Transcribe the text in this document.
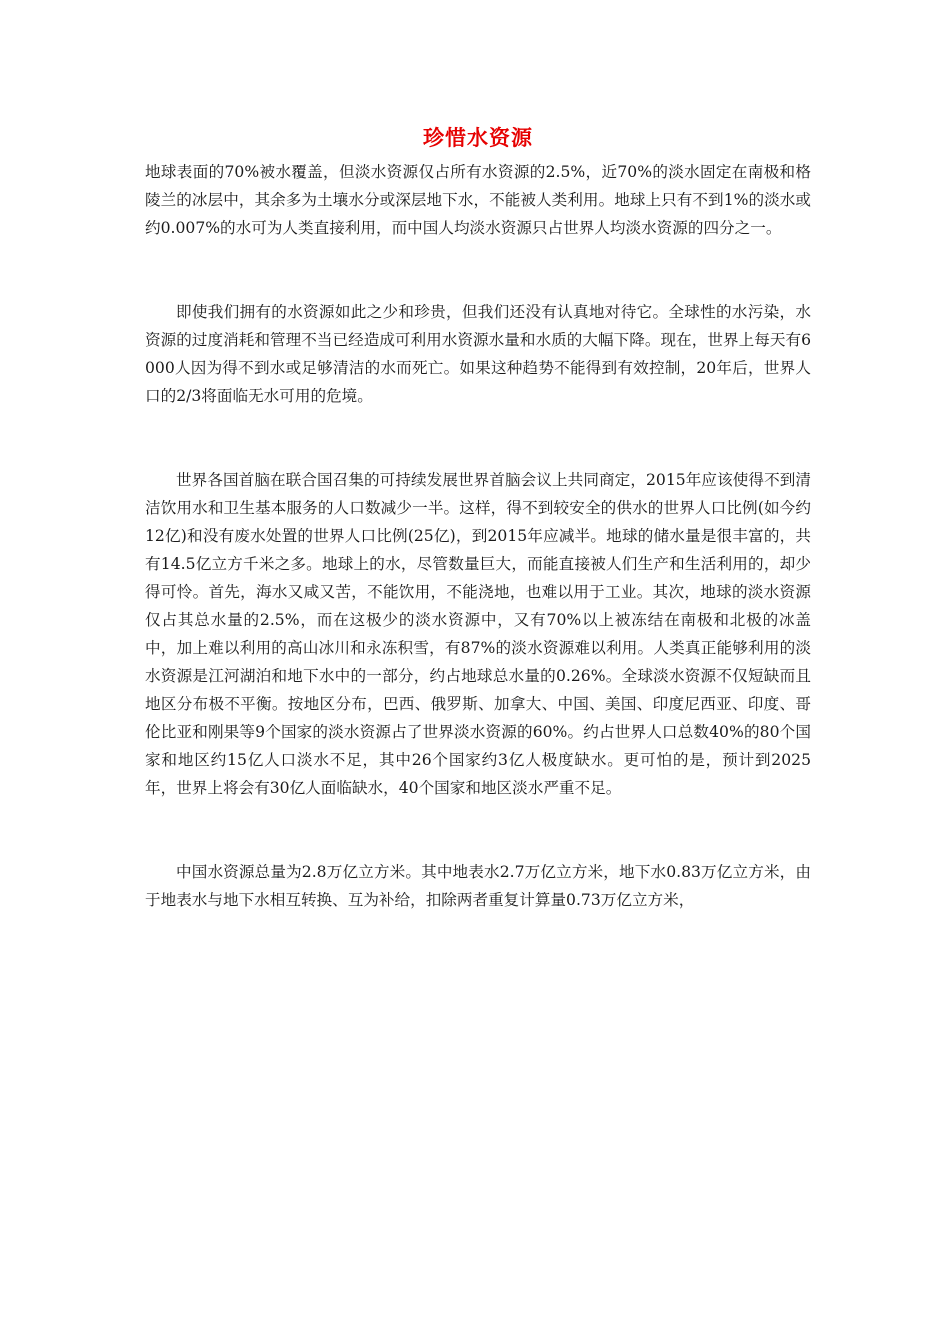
珍惜水资源

地球表面的70%被水覆盖，但淡水资源仅占所有水资源的2.5%，近70%的淡水固定在南极和格陵兰的冰层中，其余多为土壤水分或深层地下水，不能被人类利用。地球上只有不到1%的淡水或约0.007%的水可为人类直接利用，而中国人均淡水资源只占世界人均淡水资源的四分之一。

即使我们拥有的水资源如此之少和珍贵，但我们还没有认真地对待它。全球性的水污染，水资源的过度消耗和管理不当已经造成可利用水资源水量和水质的大幅下降。现在，世界上每天有6000人因为得不到水或足够清洁的水而死亡。如果这种趋势不能得到有效控制，20年后，世界人口的2/3将面临无水可用的危境。

世界各国首脑在联合国召集的可持续发展世界首脑会议上共同商定，2015年应该使得不到清洁饮用水和卫生基本服务的人口数减少一半。这样，得不到较安全的供水的世界人口比例(如今约12亿)和没有废水处置的世界人口比例(25亿)，到2015年应减半。地球的储水量是很丰富的，共有14.5亿立方千米之多。地球上的水，尽管数量巨大，而能直接被人们生产和生活利用的，却少得可怜。首先，海水又咸又苦，不能饮用，不能浇地，也难以用于工业。其次，地球的淡水资源仅占其总水量的2.5%，而在这极少的淡水资源中，又有70%以上被冻结在南极和北极的冰盖中，加上难以利用的高山冰川和永冻积雪，有87%的淡水资源难以利用。人类真正能够利用的淡水资源是江河湖泊和地下水中的一部分，约占地球总水量的0.26%。全球淡水资源不仅短缺而且地区分布极不平衡。按地区分布，巴西、俄罗斯、加拿大、中国、美国、印度尼西亚、印度、哥伦比亚和刚果等9个国家的淡水资源占了世界淡水资源的60%。约占世界人口总数40%的80个国家和地区约15亿人口淡水不足，其中26个国家约3亿人极度缺水。更可怕的是，预计到2025年，世界上将会有30亿人面临缺水，40个国家和地区淡水严重不足。

中国水资源总量为2.8万亿立方米。其中地表水2.7万亿立方米，地下水0.83万亿立方米，由于地表水与地下水相互转换、互为补给，扣除两者重复计算量0.73万亿立方米，
